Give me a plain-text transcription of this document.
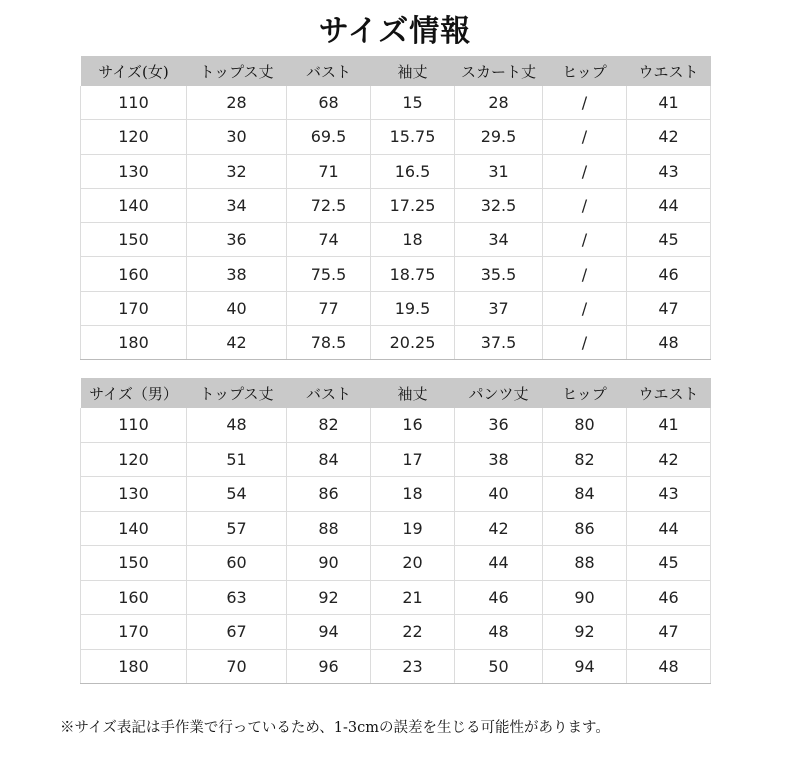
サイズ情報
サイズ(女)	トップス丈	バスト	袖丈	スカート丈	ヒップ	ウエスト
110	28	68	15	28	/	41
120	30	69.5	15.75	29.5	/	42
130	32	71	16.5	31	/	43
140	34	72.5	17.25	32.5	/	44
150	36	74	18	34	/	45
160	38	75.5	18.75	35.5	/	46
170	40	77	19.5	37	/	47
180	42	78.5	20.25	37.5	/	48
サイズ（男）	トップス丈	バスト	袖丈	パンツ丈	ヒップ	ウエスト
110	48	82	16	36	80	41
120	51	84	17	38	82	42
130	54	86	18	40	84	43
140	57	88	19	42	86	44
150	60	90	20	44	88	45
160	63	92	21	46	90	46
170	67	94	22	48	92	47
180	70	96	23	50	94	48
※サイズ表記は手作業で行っているため、1-3cmの誤差を生じる可能性があります。
